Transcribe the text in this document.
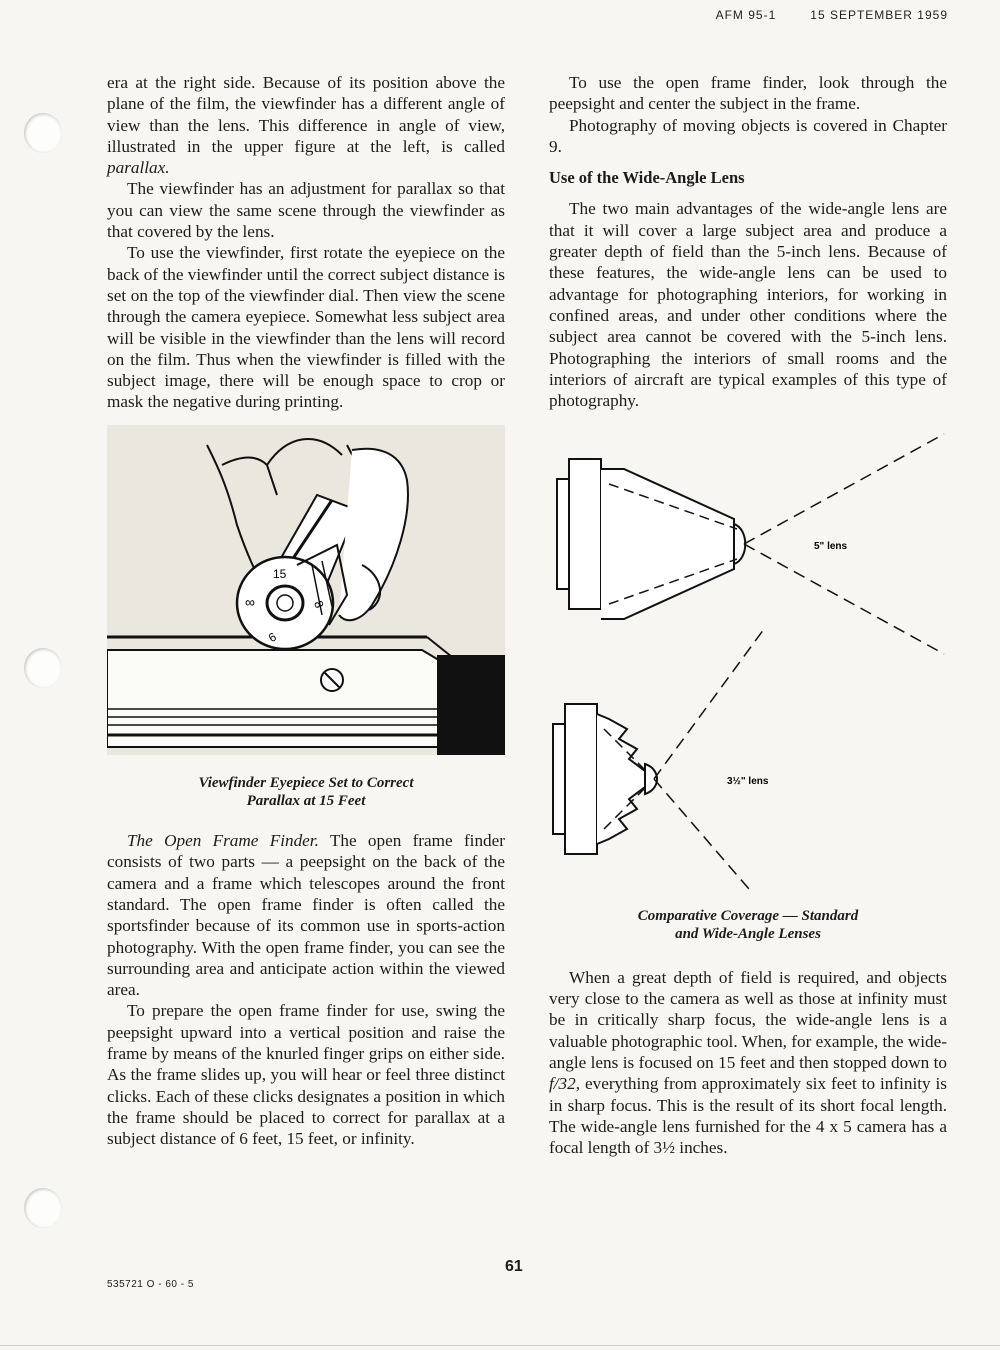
AFM 95-1	15 SEPTEMBER 1959

era at the right side. Because of its position above the plane of the film, the viewfinder has a different angle of view than the lens. This difference in angle of view, illustrated in the upper figure at the left, is called parallax.

The viewfinder has an adjustment for parallax so that you can view the same scene through the viewfinder as that covered by the lens.

To use the viewfinder, first rotate the eyepiece on the back of the viewfinder until the correct subject distance is set on the top of the viewfinder dial. Then view the scene through the camera eyepiece. Somewhat less subject area will be visible in the viewfinder than the lens will record on the film. Thus when the viewfinder is filled with the subject image, there will be enough space to crop or mask the negative during printing.

15
∞	8
6
Viewfinder Eyepiece Set to Correct
Parallax at 15 Feet

The Open Frame Finder. The open frame finder consists of two parts — a peepsight on the back of the camera and a frame which telescopes around the front standard. The open frame finder is often called the sportsfinder because of its common use in sports-action photography. With the open frame finder, you can see the surrounding area and anticipate action within the viewed area.

To prepare the open frame finder for use, swing the peepsight upward into a vertical position and raise the frame by means of the knurled finger grips on either side. As the frame slides up, you will hear or feel three distinct clicks. Each of these clicks designates a position in which the frame should be placed to correct for parallax at a subject distance of 6 feet, 15 feet, or infinity.

To use the open frame finder, look through the peepsight and center the subject in the frame.

Photography of moving objects is covered in Chapter 9.

Use of the Wide-Angle Lens

The two main advantages of the wide-angle lens are that it will cover a large subject area and produce a greater depth of field than the 5-inch lens. Because of these features, the wide-angle lens can be used to advantage for photographing interiors, for working in confined areas, and under other conditions where the subject area cannot be covered with the 5-inch lens. Photographing the interiors of small rooms and the interiors of aircraft are typical examples of this type of photography.

5" lens
3½" lens
Comparative Coverage — Standard
and Wide-Angle Lenses

When a great depth of field is required, and objects very close to the camera as well as those at infinity must be in critically sharp focus, the wide-angle lens is a valuable photographic tool. When, for example, the wide-angle lens is focused on 15 feet and then stopped down to f/32, everything from approximately six feet to infinity is in sharp focus. This is the result of its short focal length. The wide-angle lens furnished for the 4 x 5 camera has a focal length of 3½ inches.

61
535721 O - 60 - 5
